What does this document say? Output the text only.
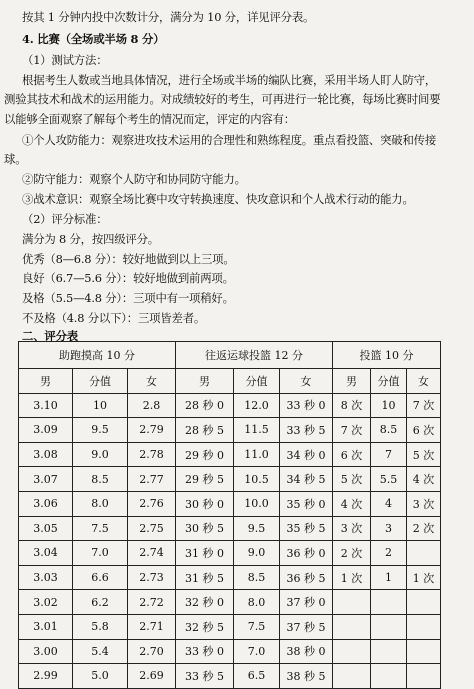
按其 1 分钟内投中次数计分，满分为 10 分，详见评分表。
4. 比赛（全场或半场 8 分）
（1）测试方法：
根据考生人数或当地具体情况，进行全场或半场的编队比赛，采用半场人盯人防守，
测验其技术和战术的运用能力。对成绩较好的考生，可再进行一轮比赛，每场比赛时间要
以能够全面观察了解每个考生的情况而定，评定的内容有：
①个人攻防能力：观察进攻技术运用的合理性和熟练程度。重点看投篮、突破和传接
球。
②防守能力：观察个人防守和协同防守能力。
③战术意识：观察全场比赛中攻守转换速度、快攻意识和个人战术行动的能力。
（2）评分标准：
满分为 8 分，按四级评分。
优秀（8—6.8 分）：较好地做到以上三项。
良好（6.7—5.6 分）：较好地做到前两项。
及格（5.5—4.8 分）：三项中有一项稍好。
不及格（4.8 分以下）：三项皆差者。
二、评分表
助跑摸高 10 分			往返运球投篮 12 分			投篮 10 分		
男	分值	女	男	分值	女	男	分值	女
3.10	10	2.8	28 秒 0	12.0	33 秒 0	8 次	10	7 次
3.09	9.5	2.79	28 秒 5	11.5	33 秒 5	7 次	8.5	6 次
3.08	9.0	2.78	29 秒 0	11.0	34 秒 0	6 次	7	5 次
3.07	8.5	2.77	29 秒 5	10.5	34 秒 5	5 次	5.5	4 次
3.06	8.0	2.76	30 秒 0	10.0	35 秒 0	4 次	4	3 次
3.05	7.5	2.75	30 秒 5	9.5	35 秒 5	3 次	3	2 次
3.04	7.0	2.74	31 秒 0	9.0	36 秒 0	2 次	2	
3.03	6.6	2.73	31 秒 5	8.5	36 秒 5	1 次	1	1 次
3.02	6.2	2.72	32 秒 0	8.0	37 秒 0			
3.01	5.8	2.71	32 秒 5	7.5	37 秒 5			
3.00	5.4	2.70	33 秒 0	7.0	38 秒 0			
2.99	5.0	2.69	33 秒 5	6.5	38 秒 5			
